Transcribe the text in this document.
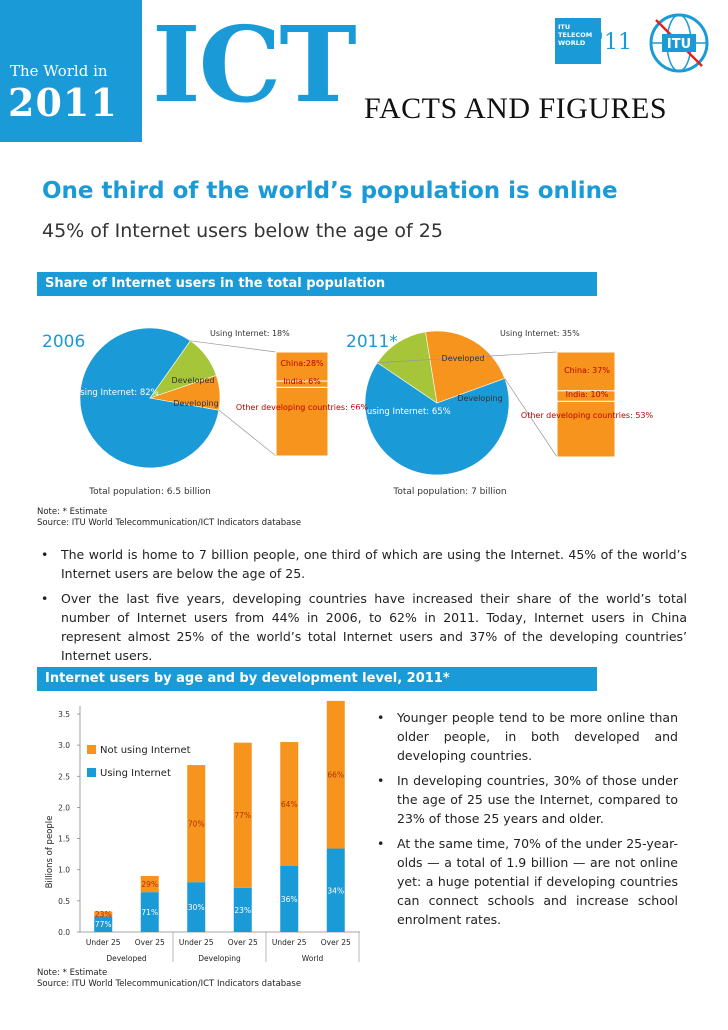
The World in
2011 ICT FACTS AND FIGURES
ITU
TELECOM
WORLD '11	ITU
One third of the world’s population is online
45% of Internet users below the age of 25
Share of Internet users in the total population
2006	2011*
Not using Internet: 82%
Developed
Developing
Using Internet: 18%
China:28%
India: 6%
Other developing countries: 66%
Total population: 6.5 billion
Not using Internet: 65%
Developed
Developing
Using Internet: 35%
China: 37%
India: 10%
Other developing countries: 53%
Total population: 7 billion
Note: * Estimate
Source: ITU World Telecommunication/ICT Indicators database
• The world is home to 7 billion people, one third of which are using the Internet. 45% of the world’s Internet users are below the age of 25.
• Over the last five years, developing countries have increased their share of the world’s total number of Internet users from 44% in 2006, to 62% in 2011. Today, Internet users in China represent almost 25% of the world’s total Internet users and 37% of the developing countries’ Internet users.
Internet users by age and by development level, 2011*
Billions of people
0.0
0.5
1.0
1.5
2.0
2.5
3.0
3.5
77%
23%
Under 25
71%
29%
Over 25
30%
70%
Under 25
23%
77%
Over 25
36%
64%
Under 25
34%
66%
Over 25
Developed	Developing	World
Not using Internet
Using Internet
• Younger people tend to be more online than older people, in both developed and developing countries.
• In developing countries, 30% of those under the age of 25 use the Internet, compared to 23% of those 25 years and older.
• At the same time, 70% of the under 25-year-olds — a total of 1.9 billion — are not online yet: a huge potential if developing countries can connect schools and increase school enrolment rates.
Note: * Estimate
Source: ITU World Telecommunication/ICT Indicators database
